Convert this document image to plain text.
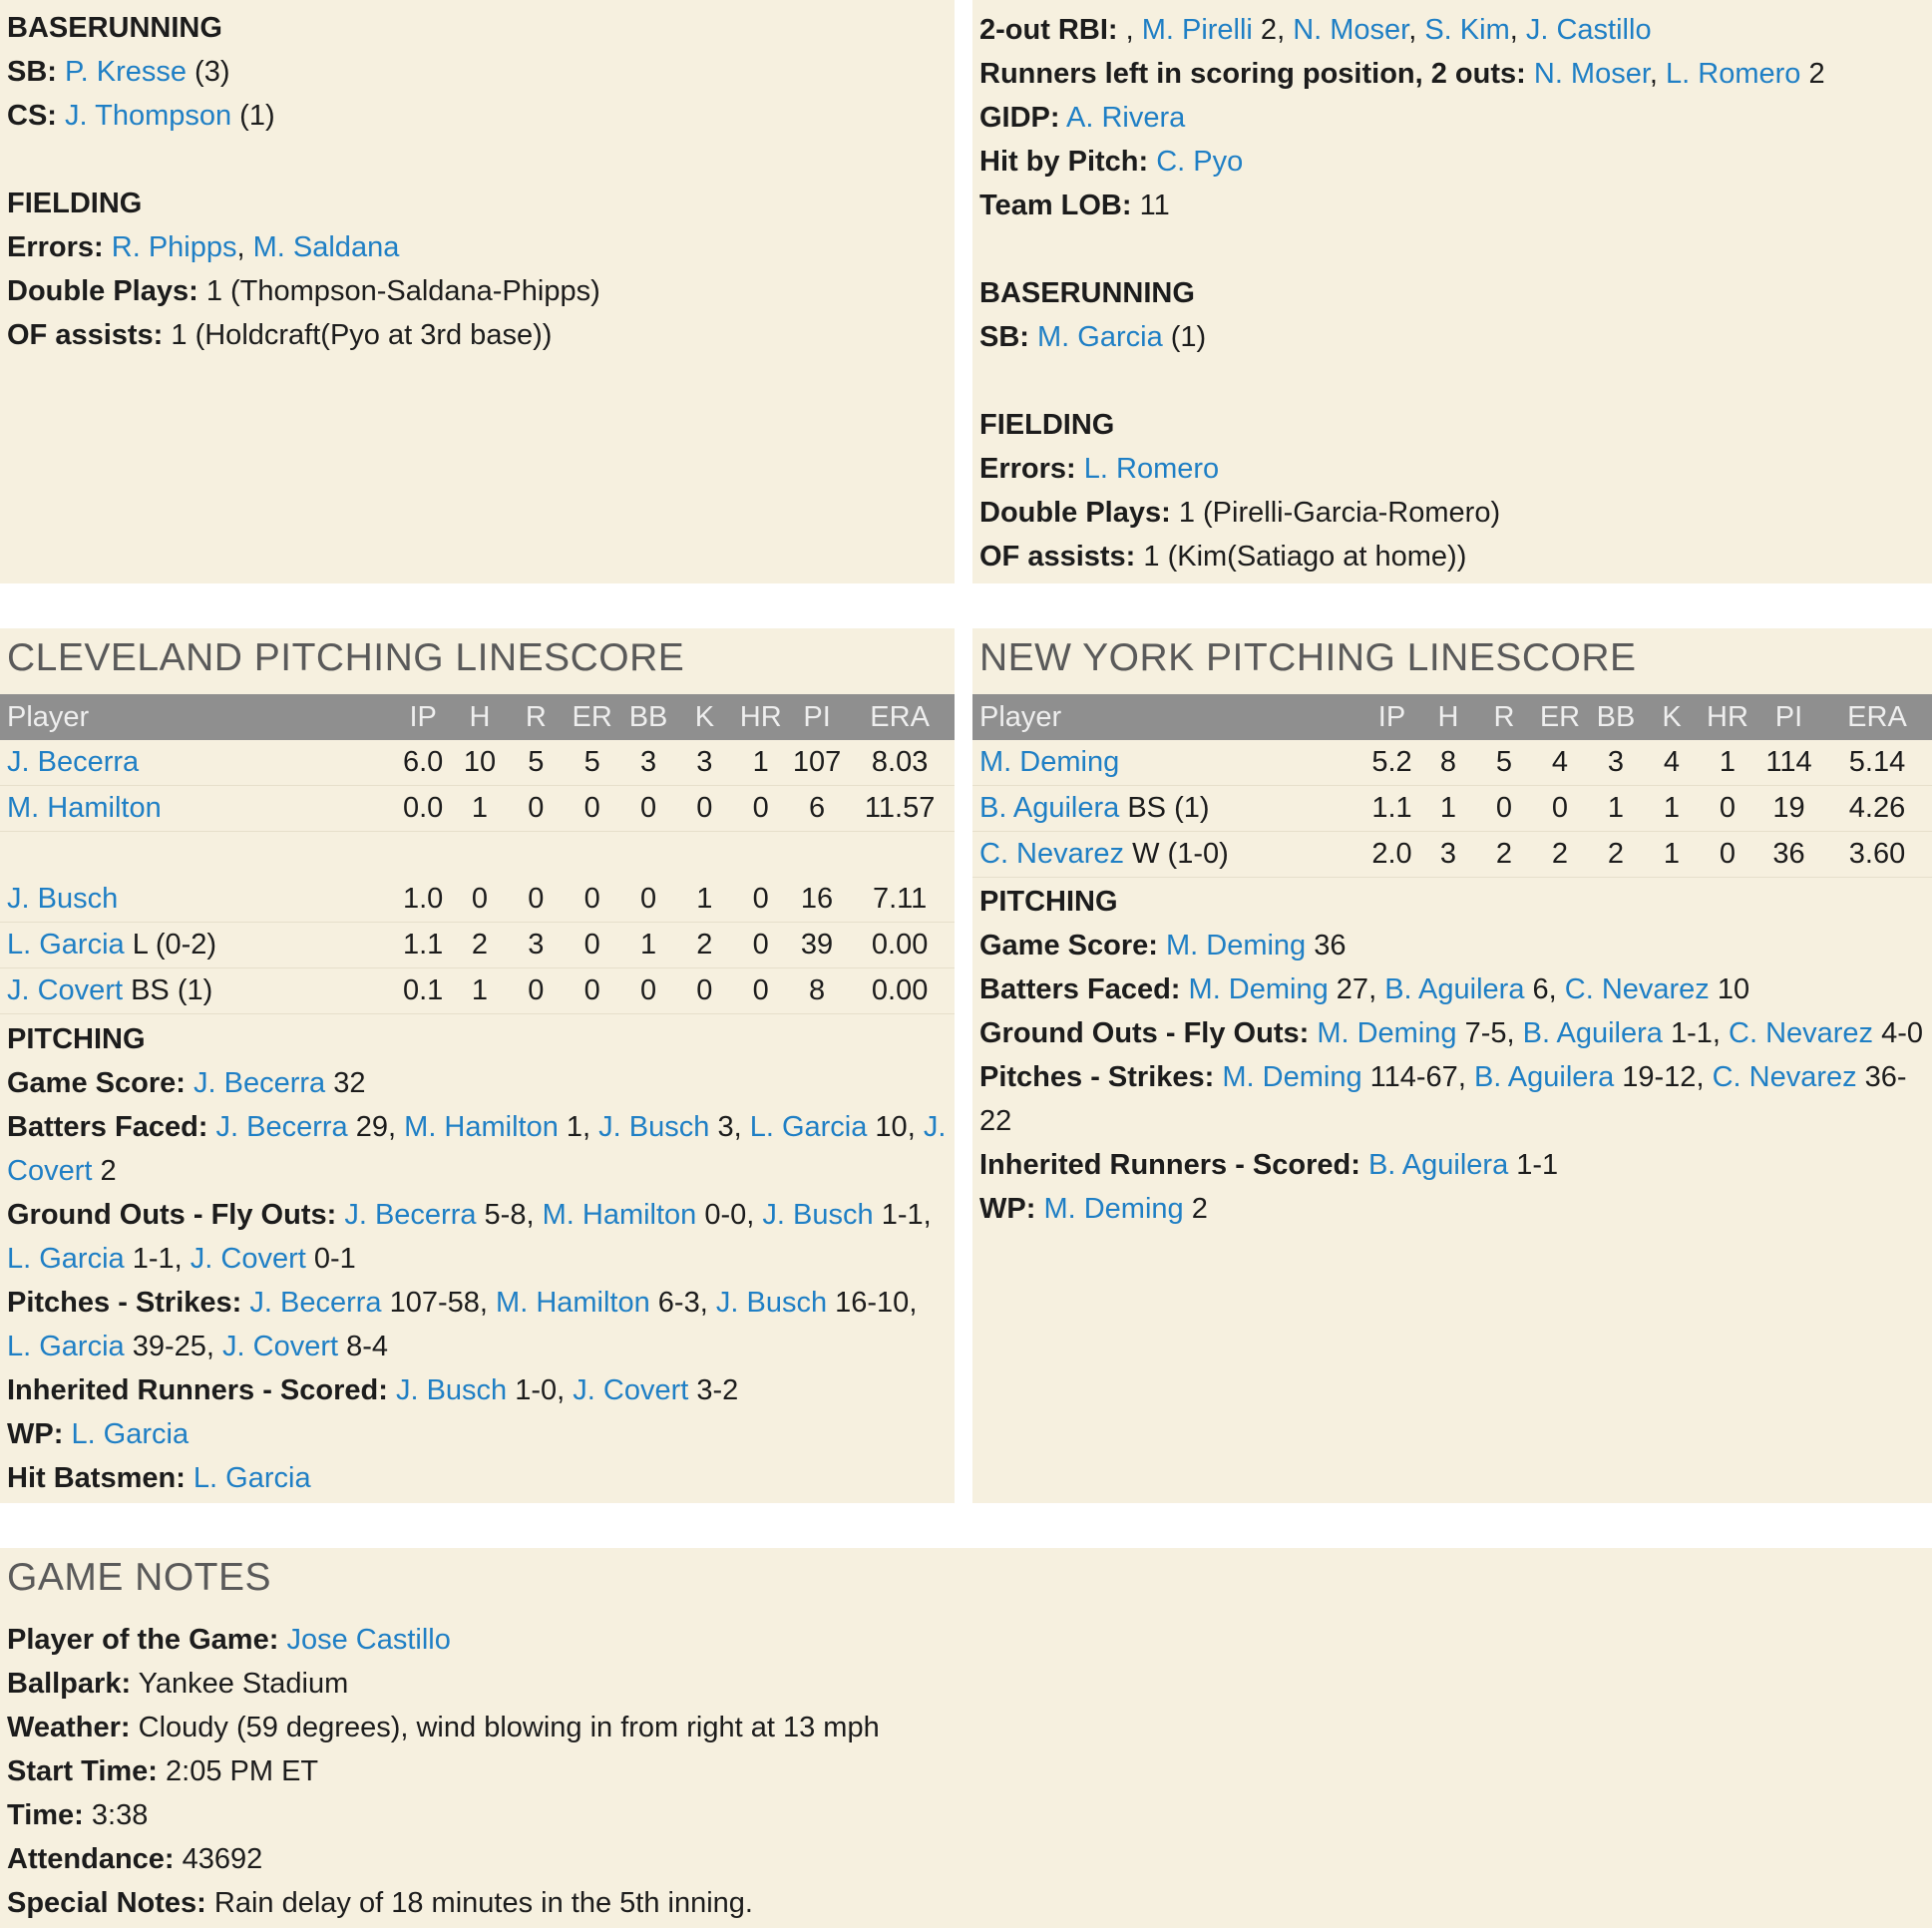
BASERUNNING
SB: P. Kresse (3)
CS: J. Thompson (1)
FIELDING
Errors: R. Phipps, M. Saldana
Double Plays: 1 (Thompson-Saldana-Phipps)
OF assists: 1 (Holdcraft(Pyo at 3rd base))
2-out RBI: , M. Pirelli 2, N. Moser, S. Kim, J. Castillo
Runners left in scoring position, 2 outs: N. Moser, L. Romero 2
GIDP: A. Rivera
Hit by Pitch: C. Pyo
Team LOB: 11
BASERUNNING
SB: M. Garcia (1)
FIELDING
Errors: L. Romero
Double Plays: 1 (Pirelli-Garcia-Romero)
OF assists: 1 (Kim(Satiago at home))
CLEVELAND PITCHING LINESCORE
Player	IP	H	R	ER	BB	K	HR	PI	ERA
J. Becerra	6.0	10	5	5	3	3	1	107	8.03
M. Hamilton	0.0	1	0	0	0	0	0	6	11.57

J. Busch	1.0	0	0	0	0	1	0	16	7.11
L. Garcia L (0-2)	1.1	2	3	0	1	2	0	39	0.00
J. Covert BS (1)	0.1	1	0	0	0	0	0	8	0.00
PITCHING
Game Score: J. Becerra 32
Batters Faced: J. Becerra 29, M. Hamilton 1, J. Busch 3, L. Garcia 10, J. Covert 2
Ground Outs - Fly Outs: J. Becerra 5-8, M. Hamilton 0-0, J. Busch 1-1, L. Garcia 1-1, J. Covert 0-1
Pitches - Strikes: J. Becerra 107-58, M. Hamilton 6-3, J. Busch 16-10, L. Garcia 39-25, J. Covert 8-4
Inherited Runners - Scored: J. Busch 1-0, J. Covert 3-2
WP: L. Garcia
Hit Batsmen: L. Garcia
NEW YORK PITCHING LINESCORE
Player	IP	H	R	ER	BB	K	HR	PI	ERA
M. Deming	5.2	8	5	4	3	4	1	114	5.14
B. Aguilera BS (1)	1.1	1	0	0	1	1	0	19	4.26
C. Nevarez W (1-0)	2.0	3	2	2	2	1	0	36	3.60
PITCHING
Game Score: M. Deming 36
Batters Faced: M. Deming 27, B. Aguilera 6, C. Nevarez 10
Ground Outs - Fly Outs: M. Deming 7-5, B. Aguilera 1-1, C. Nevarez 4-0
Pitches - Strikes: M. Deming 114-67, B. Aguilera 19-12, C. Nevarez 36-22
Inherited Runners - Scored: B. Aguilera 1-1
WP: M. Deming 2
GAME NOTES
Player of the Game: Jose Castillo
Ballpark: Yankee Stadium
Weather: Cloudy (59 degrees), wind blowing in from right at 13 mph
Start Time: 2:05 PM ET
Time: 3:38
Attendance: 43692
Special Notes: Rain delay of 18 minutes in the 5th inning.
